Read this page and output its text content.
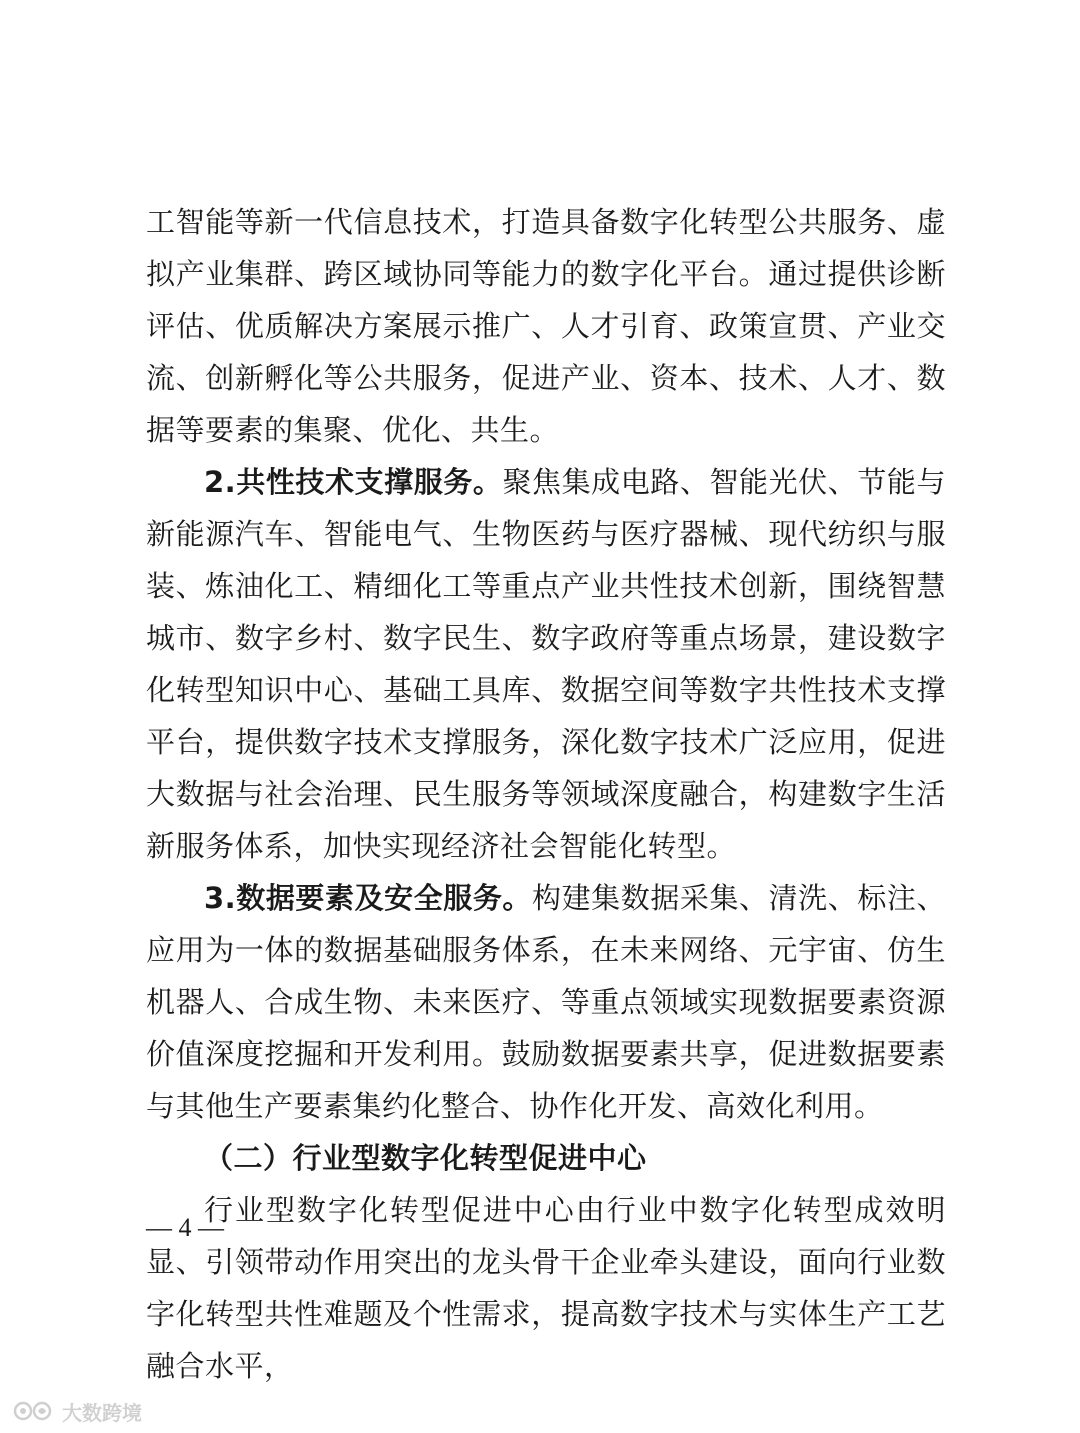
工智能等新一代信息技术，打造具备数字化转型公共服务、虚拟产业集群、跨区域协同等能力的数字化平台。通过提供诊断评估、优质解决方案展示推广、人才引育、政策宣贯、产业交流、创新孵化等公共服务，促进产业、资本、技术、人才、数据等要素的集聚、优化、共生。

2.共性技术支撑服务。聚焦集成电路、智能光伏、节能与新能源汽车、智能电气、生物医药与医疗器械、现代纺织与服装、炼油化工、精细化工等重点产业共性技术创新，围绕智慧城市、数字乡村、数字民生、数字政府等重点场景，建设数字化转型知识中心、基础工具库、数据空间等数字共性技术支撑平台，提供数字技术支撑服务，深化数字技术广泛应用，促进大数据与社会治理、民生服务等领域深度融合，构建数字生活新服务体系，加快实现经济社会智能化转型。

3.数据要素及安全服务。构建集数据采集、清洗、标注、应用为一体的数据基础服务体系，在未来网络、元宇宙、仿生机器人、合成生物、未来医疗、等重点领域实现数据要素资源价值深度挖掘和开发利用。鼓励数据要素共享，促进数据要素与其他生产要素集约化整合、协作化开发、高效化利用。

（二）行业型数字化转型促进中心

行业型数字化转型促进中心由行业中数字化转型成效明显、引领带动作用突出的龙头骨干企业牵头建设，面向行业数字化转型共性难题及个性需求，提高数字技术与实体生产工艺融合水平，

— 4 —
大数跨境
